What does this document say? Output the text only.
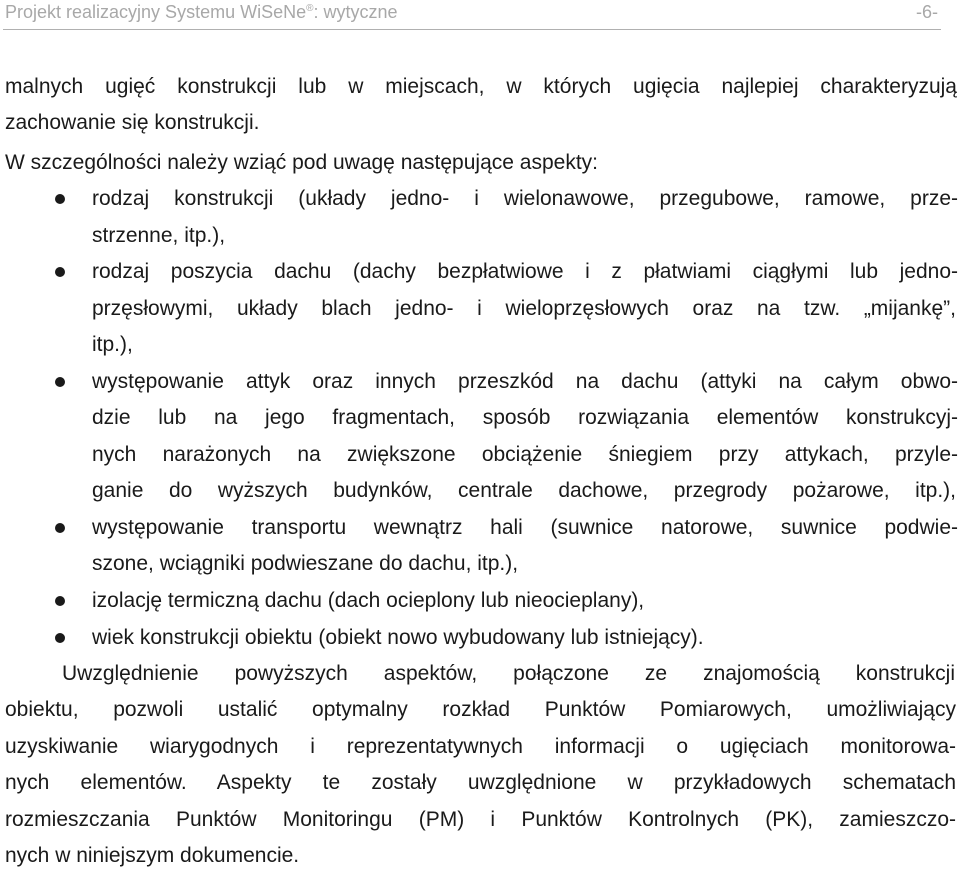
Projekt realizacyjny Systemu WiSeNe®: wytyczne	-6-
malnych ugięć konstrukcji lub w miejscach, w których ugięcia najlepiej charakteryzują
zachowanie się konstrukcji.
W szczególności należy wziąć pod uwagę następujące aspekty:
rodzaj konstrukcji (układy jedno- i wielonawowe, przegubowe, ramowe, prze-
strzenne, itp.),
rodzaj poszycia dachu (dachy bezpłatwiowe i z płatwiami ciągłymi lub jedno-
przęsłowymi, układy blach jedno- i wieloprzęsłowych oraz na tzw. „mijankę”,
itp.),
występowanie attyk oraz innych przeszkód na dachu (attyki na całym obwo-
dzie lub na jego fragmentach, sposób rozwiązania elementów konstrukcyj-
nych narażonych na zwiększone obciążenie śniegiem przy attykach, przyle-
ganie do wyższych budynków, centrale dachowe, przegrody pożarowe, itp.),
występowanie transportu wewnątrz hali (suwnice natorowe, suwnice podwie-
szone, wciągniki podwieszane do dachu, itp.),
izolację termiczną dachu (dach ocieplony lub nieocieplany),
wiek konstrukcji obiektu (obiekt nowo wybudowany lub istniejący).
Uwzględnienie powyższych aspektów, połączone ze znajomością konstrukcji
obiektu, pozwoli ustalić optymalny rozkład Punktów Pomiarowych, umożliwiający
uzyskiwanie wiarygodnych i reprezentatywnych informacji o ugięciach monitorowa-
nych elementów. Aspekty te zostały uwzględnione w przykładowych schematach
rozmieszczania Punktów Monitoringu (PM) i Punktów Kontrolnych (PK), zamieszczo-
nych w niniejszym dokumencie.
